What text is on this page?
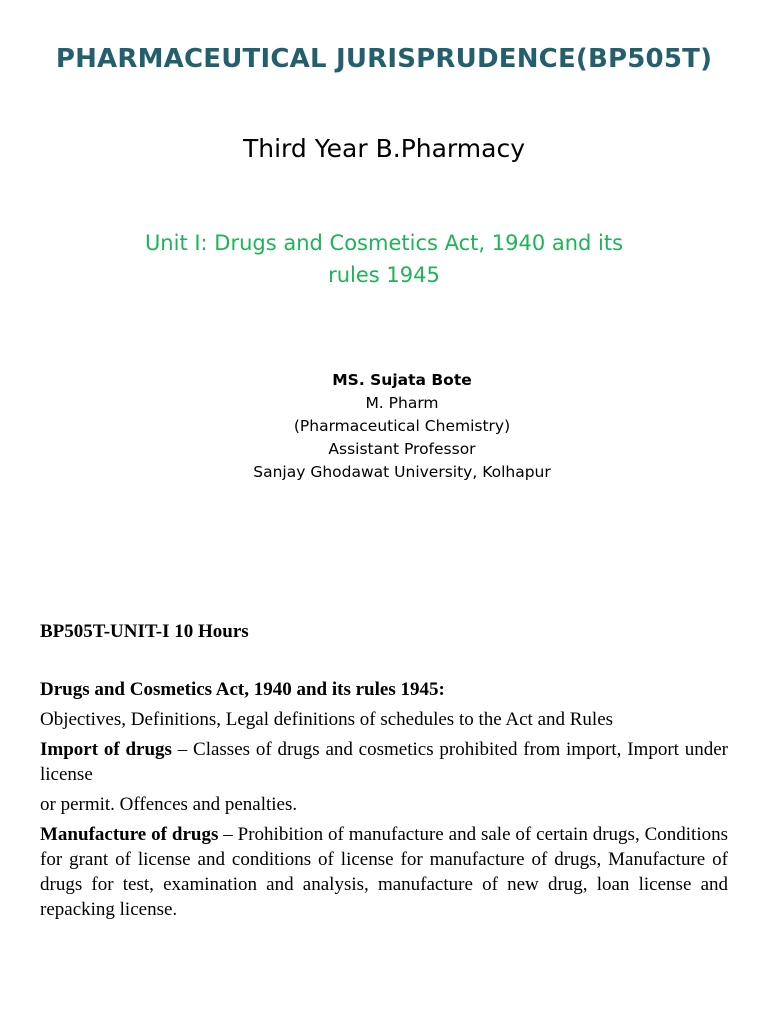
PHARMACEUTICAL JURISPRUDENCE(BP505T)
Third Year B.Pharmacy
Unit I: Drugs and Cosmetics Act, 1940 and its
rules 1945
MS. Sujata Bote
M. Pharm
(Pharmaceutical Chemistry)
Assistant Professor
Sanjay Ghodawat University, Kolhapur
BP505T-UNIT-I 10 Hours
Drugs and Cosmetics Act, 1940 and its rules 1945:

Objectives, Definitions, Legal definitions of schedules to the Act and Rules

Import of drugs – Classes of drugs and cosmetics prohibited from import, Import under license

or permit. Offences and penalties.

Manufacture of drugs – Prohibition of manufacture and sale of certain drugs, Conditions for grant of license and conditions of license for manufacture of drugs, Manufacture of drugs for test, examination and analysis, manufacture of new drug, loan license and repacking license.
